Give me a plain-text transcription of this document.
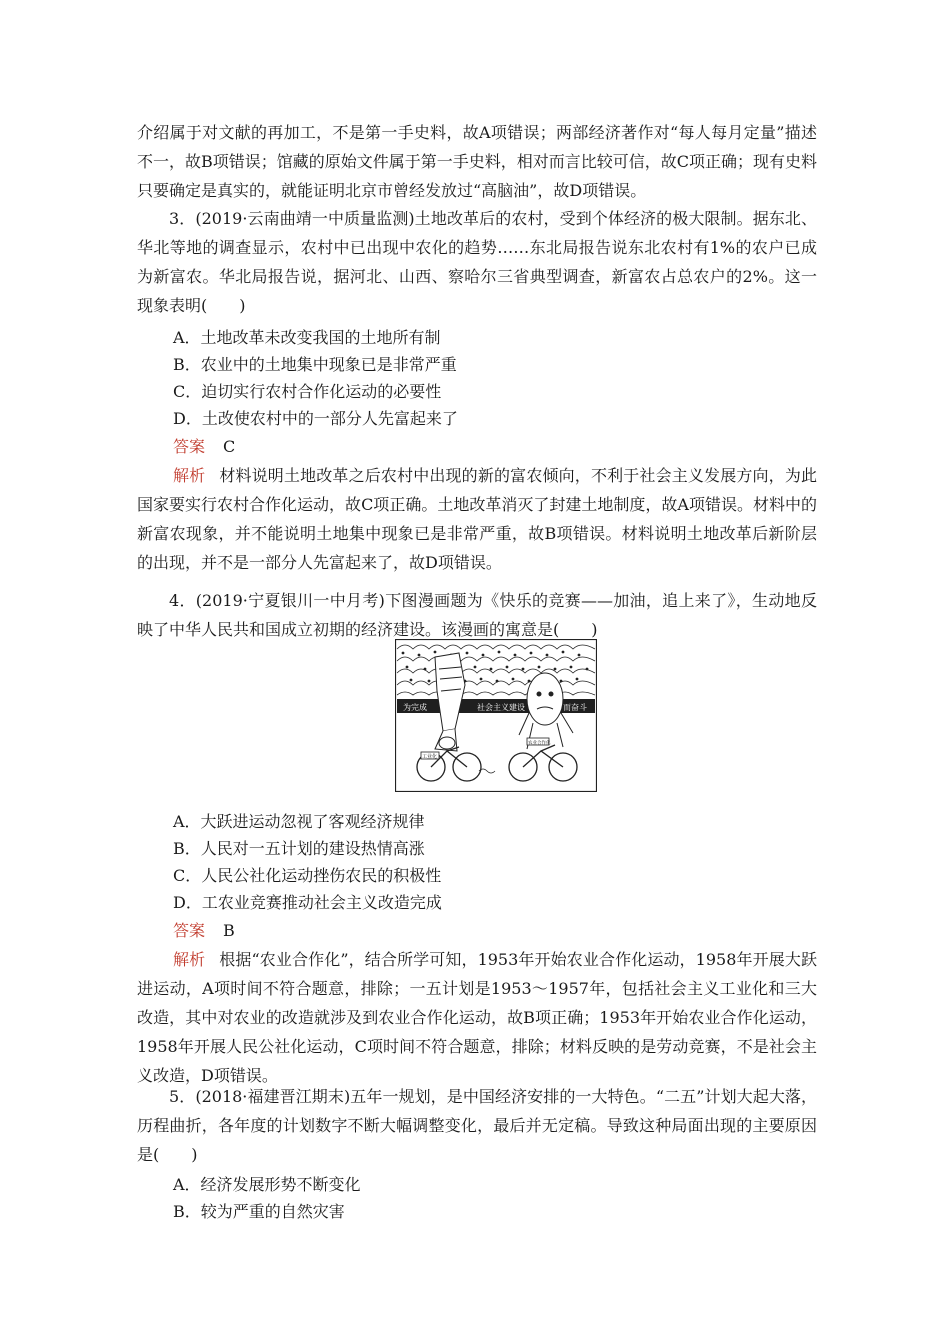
介绍属于对文献的再加工，不是第一手史料，故A项错误；两部经济著作对“每人每月定量”描述不一，故B项错误；馆藏的原始文件属于第一手史料，相对而言比较可信，故C项正确；现有史料只要确定是真实的，就能证明北京市曾经发放过“高脑油”，故D项错误。

3．(2019·云南曲靖一中质量监测)土地改革后的农村，受到个体经济的极大限制。据东北、华北等地的调查显示，农村中已出现中农化的趋势……东北局报告说东北农村有1%的农户已成为新富农。华北局报告说，据河北、山西、察哈尔三省典型调查，新富农占总农户的2%。这一现象表明(　　)

A．土地改革未改变我国的土地所有制

B．农业中的土地集中现象已是非常严重

C．迫切实行农村合作化运动的必要性

D．土改使农村中的一部分人先富起来了

答案 C

解析 材料说明土地改革之后农村中出现的新的富农倾向，不利于社会主义发展方向，为此国家要实行农村合作化运动，故C项正确。土地改革消灭了封建土地制度，故A项错误。材料中的新富农现象，并不能说明土地集中现象已是非常严重，故B项错误。材料说明土地改革后新阶层的出现，并不是一部分人先富起来了，故D项错误。

4．(2019·宁夏银川一中月考)下图漫画题为《快乐的竞赛——加油，追上来了》，生动地反映了中华人民共和国成立初期的经济建设。该漫画的寓意是(　　)

为完成	社会主义建设	而奋斗
工业化
农业合作化

A．大跃进运动忽视了客观经济规律

B．人民对一五计划的建设热情高涨

C．人民公社化运动挫伤农民的积极性

D．工农业竞赛推动社会主义改造完成

答案 B

解析 根据“农业合作化”，结合所学可知，1953年开始农业合作化运动，1958年开展大跃进运动，A项时间不符合题意，排除；一五计划是1953～1957年，包括社会主义工业化和三大改造，其中对农业的改造就涉及到农业合作化运动，故B项正确；1953年开始农业合作化运动，1958年开展人民公社化运动，C项时间不符合题意，排除；材料反映的是劳动竞赛，不是社会主义改造，D项错误。

5．(2018·福建晋江期末)五年一规划，是中国经济安排的一大特色。“二五”计划大起大落，历程曲折，各年度的计划数字不断大幅调整变化，最后并无定稿。导致这种局面出现的主要原因是(　　)

A．经济发展形势不断变化

B．较为严重的自然灾害
